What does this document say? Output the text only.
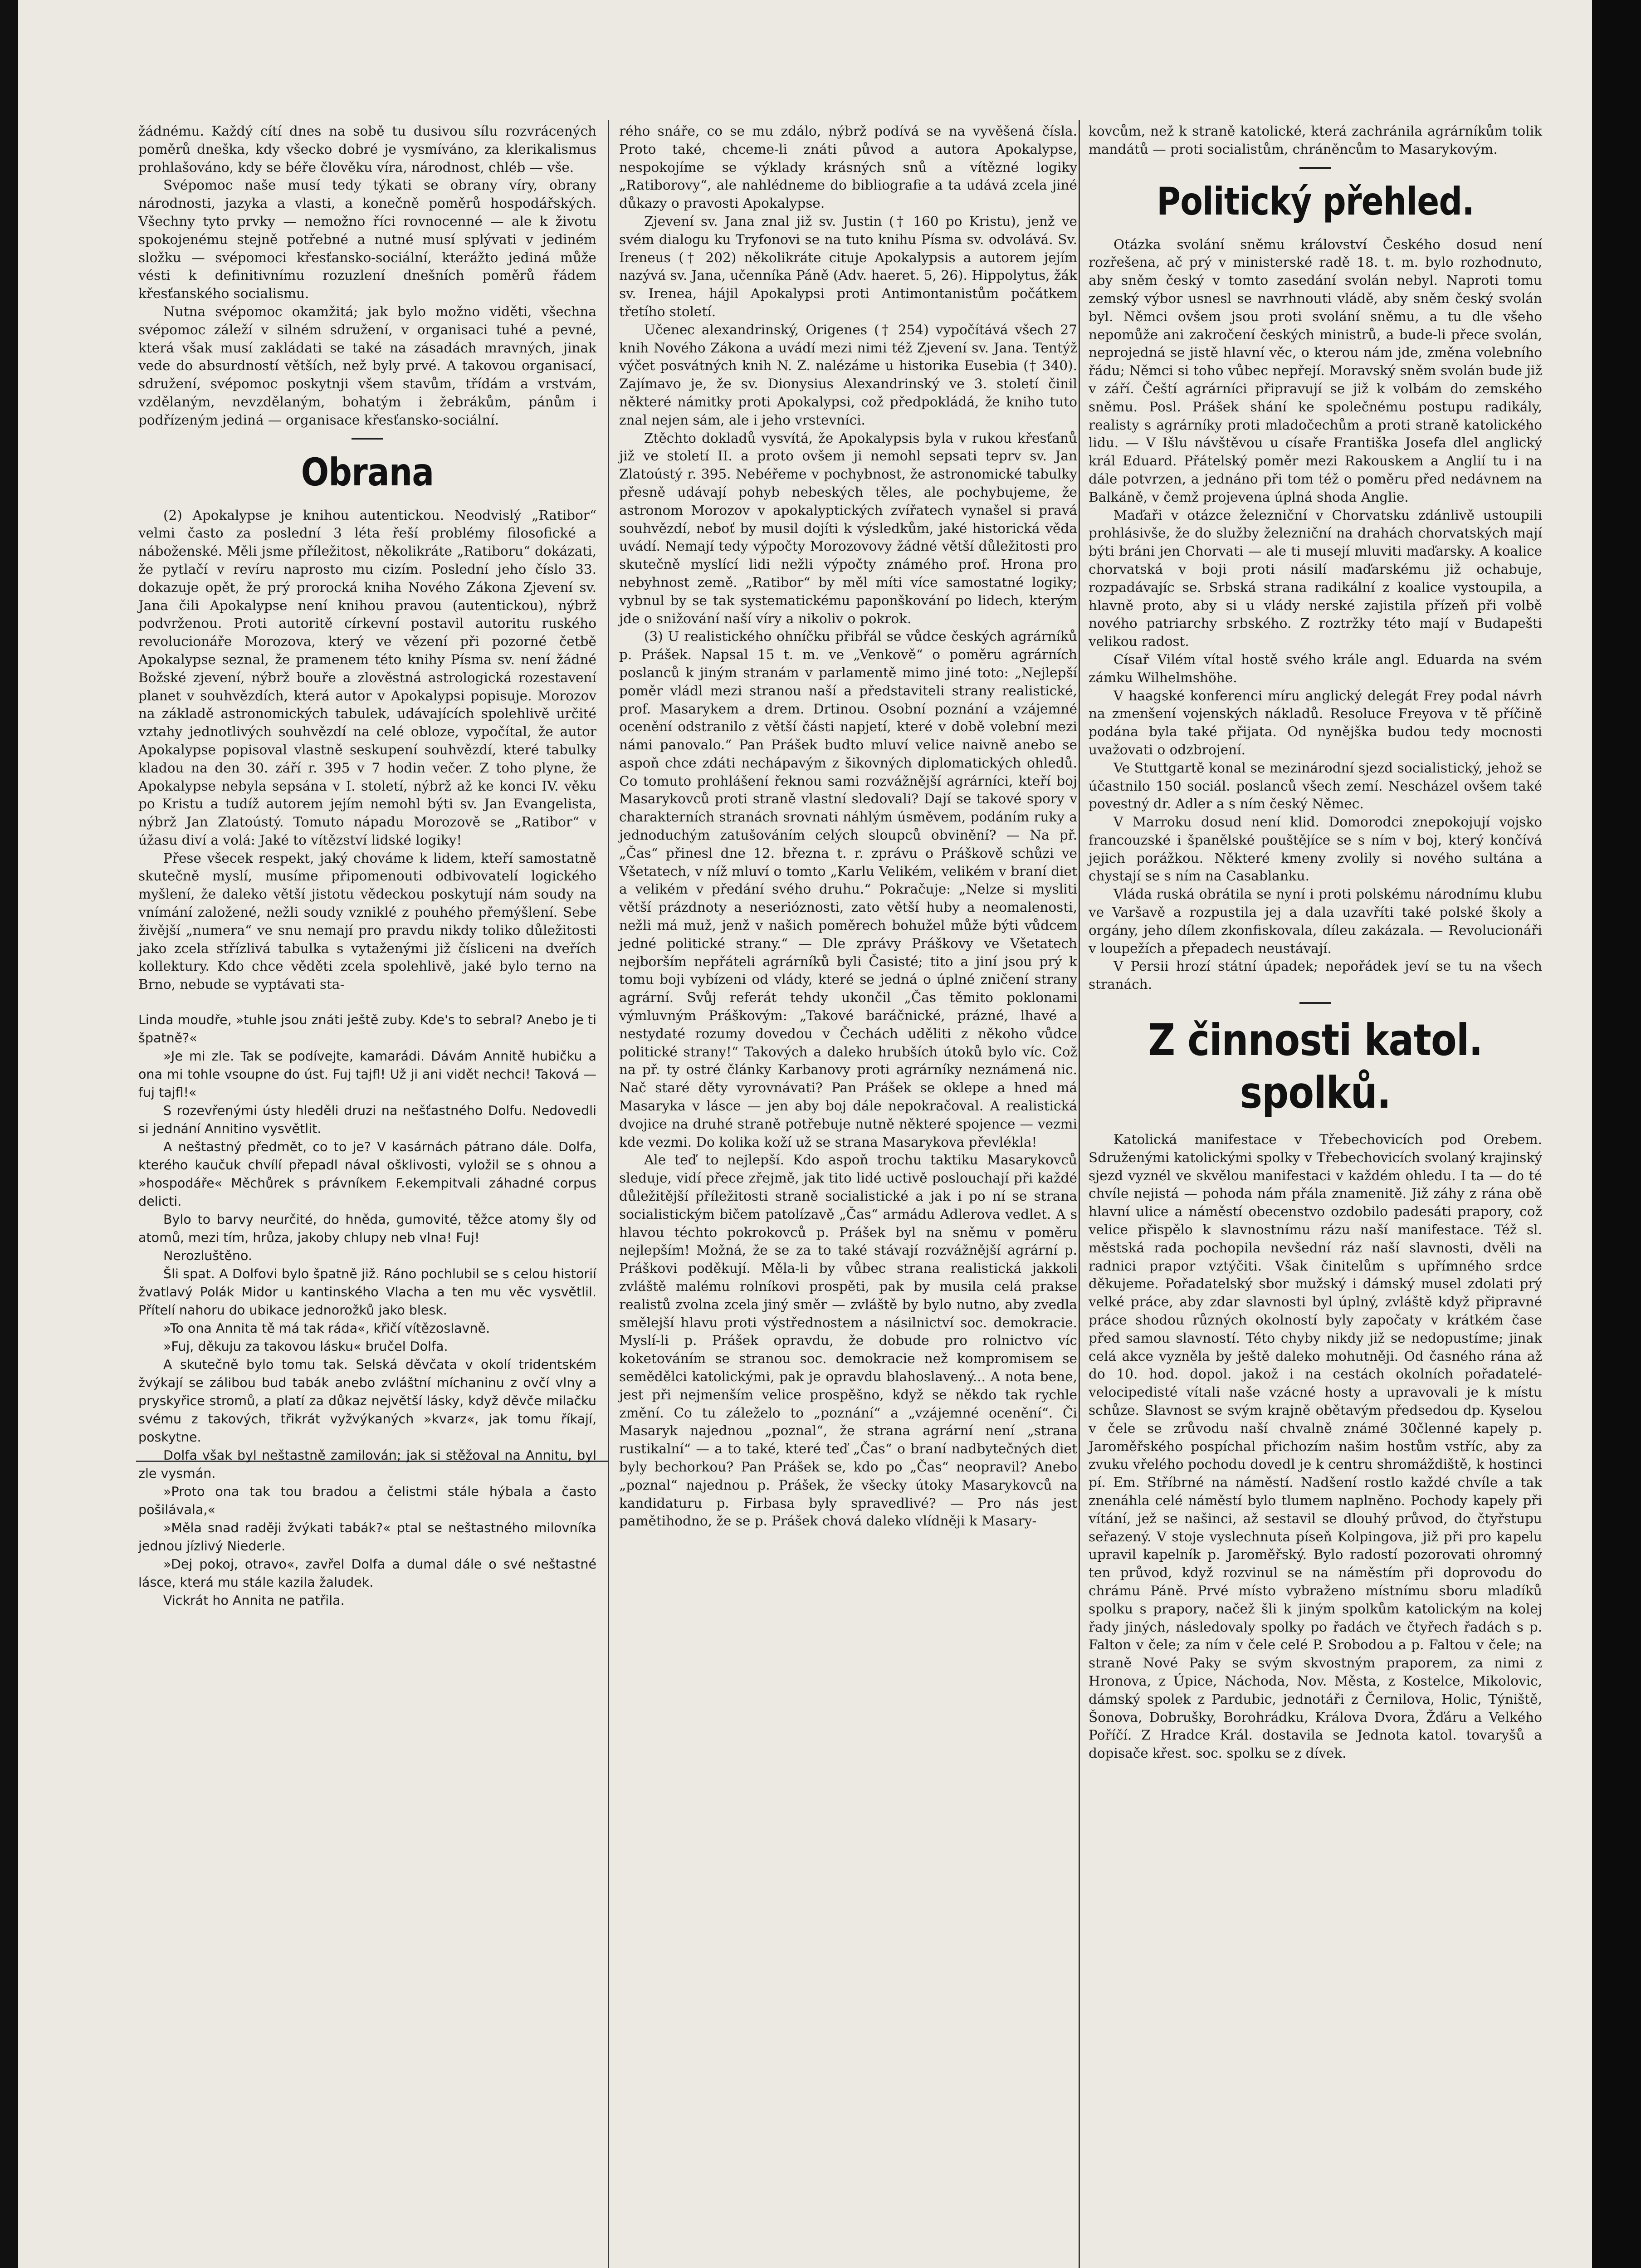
žádnému. Každý cítí dnes na sobě tu dusivou sílu rozvrácených poměrů dneška, kdy všecko dobré je vysmíváno, za klerikalismus prohlašováno, kdy se béře člověku víra, národnost, chléb — vše.

Svépomoc naše musí tedy týkati se obrany víry, obrany národnosti, jazyka a vlasti, a konečně poměrů hospodářských. Všechny tyto prvky — nemožno říci rovnocenné — ale k životu spokojenému stejně potřebné a nutné musí splývati v jediném složku — svépomoci křesťansko-sociální, kterážto jediná může vésti k definitivnímu rozuzlení dnešních poměrů řádem křesťanského socialismu.

Nutna svépomoc okamžitá; jak bylo možno viděti, všechna svépomoc záleží v silném sdružení, v organisaci tuhé a pevné, která však musí zakládati se také na zásadách mravných, jinak vede do absurdností větších, než byly prvé. A takovou organisací, sdružení, svépomoc poskytnji všem stavům, třídám a vrstvám, vzdělaným, nevzdělaným, bohatým i žebrákům, pánům i podřízeným jediná — organisace křesťansko-sociální.

Obrana

(2) Apokalypse je knihou autentickou. Neodvislý „Ratibor“ velmi často za poslední 3 léta řeší problémy filosofické a náboženské. Měli jsme příležitost, několikráte „Ratiboru“ dokázati, že pytlačí v revíru naprosto mu cizím. Poslední jeho číslo 33. dokazuje opět, že prý prorocká kniha Nového Zákona Zjevení sv. Jana čili Apokalypse není knihou pravou (autentickou), nýbrž podvrženou. Proti autoritě církevní postavil autoritu ruského revolucionáře Morozova, který ve vězení při pozorné četbě Apokalypse seznal, že pramenem této knihy Písma sv. není žádné Božské zjevení, nýbrž bouře a zlověstná astrologická rozestavení planet v souhvězdích, která autor v Apokalypsi popisuje. Morozov na základě astronomických tabulek, udávajících spolehlivě určité vztahy jednotlivých souhvězdí na celé obloze, vypočítal, že autor Apokalypse popisoval vlastně seskupení souhvězdí, které tabulky kladou na den 30. září r. 395 v 7 hodin večer. Z toho plyne, že Apokalypse nebyla sepsána v I. století, nýbrž až ke konci IV. věku po Kristu a tudíž autorem jejím nemohl býti sv. Jan Evangelista, nýbrž Jan Zlatoústý. Tomuto nápadu Morozově se „Ratibor“ v úžasu diví a volá: Jaké to vítězství lidské logiky!

Přese všecek respekt, jaký chováme k lidem, kteří samostatně skutečně myslí, musíme připomenouti odbivovatelí logického myšlení, že daleko větší jistotu vědeckou poskytují nám soudy na vnímání založené, nežli soudy vzniklé z pouhého přemýšlení. Sebe živější „numera“ ve snu nemají pro pravdu nikdy toliko důležitosti jako zcela střízlivá tabulka s vytaženými již čísliceni na dveřích kollektury. Kdo chce věděti zcela spolehlivě, jaké bylo terno na Brno, nebude se vyptávati sta-

Linda moudře, »tuhle jsou znáti ještě zuby. Kde's to sebral? Anebo je ti špatně?«

»Je mi zle. Tak se podívejte, kamarádi. Dávám Annitě hubičku a ona mi tohle vsoupne do úst. Fuj tajfl! Už ji ani vidět nechci! Taková — fuj tajfl!«

S rozevřenými ústy hleděli druzi na nešťastného Dolfu. Nedovedli si jednání Annitino vysvětlit.

A neštastný předmět, co to je? V kasárnách pátrano dále. Dolfa, kterého kaučuk chvílí přepadl nával ošklivosti, vyložil se s ohnou a »hospodáře« Měchůrek s právníkem F.ekempitvali záhadné corpus delicti.

Bylo to barvy neurčité, do hněda, gumovité, těžce atomy šly od atomů, mezi tím, hrůza, jakoby chlupy neb vlna! Fuj!

Nerozluštěno.

Šli spat. A Dolfovi bylo špatně již. Ráno pochlubil se s celou historií žvatlavý Polák Midor u kantinského Vlacha a ten mu věc vysvětlil. Přítelí nahoru do ubikace jednorožků jako blesk.

»To ona Annita tě má tak ráda«, křičí vítězoslavně.

»Fuj, děkuju za takovou lásku« bručel Dolfa.

A skutečně bylo tomu tak. Selská děvčata v okolí tridentském žvýkají se zálibou bud tabák anebo zvláštní míchaninu z ovčí vlny a pryskyřice stromů, a platí za důkaz největší lásky, když děvče milačku svému z takových, třikrát vyžvýkaných »kvarz«, jak tomu říkají, poskytne.

Dolfa však byl neštastně zamilován; jak si stěžoval na Annitu, byl zle vysmán.

»Proto ona tak tou bradou a čelistmi stále hýbala a často pošilávala,«

»Měla snad raději žvýkati tabák?« ptal se neštastného milovníka jednou jízlivý Niederle.

»Dej pokoj, otravo«, zavřel Dolfa a dumal dále o své neštastné lásce, která mu stále kazila žaludek.

Vickrát ho Annita ne patřila.

rého snáře, co se mu zdálo, nýbrž podívá se na vyvěšená čísla. Proto také, chceme-li znáti původ a autora Apokalypse, nespokojíme se výklady krásných snů a vítězné logiky „Ratiborovy“, ale nahlédneme do bibliografie a ta udává zcela jiné důkazy o pravosti Apokalypse.

Zjevení sv. Jana znal již sv. Justin († 160 po Kristu), jenž ve svém dialogu ku Tryfonovi se na tuto knihu Písma sv. odvolává. Sv. Ireneus († 202) několikráte cituje Apokalypsis a autorem jejím nazývá sv. Jana, učenníka Páně (Adv. haeret. 5, 26). Hippolytus, žák sv. Irenea, hájil Apokalypsi proti Antimontanistům počátkem třetího století.

Učenec alexandrinský, Origenes († 254) vypočítává všech 27 knih Nového Zákona a uvádí mezi nimi též Zjevení sv. Jana. Tentýž výčet posvátných knih N. Z. nalézáme u historika Eusebia († 340). Zajímavo je, že sv. Dionysius Alexandrinský ve 3. století činil některé námitky proti Apokalypsi, což předpokládá, že kniho tuto znal nejen sám, ale i jeho vrstevníci.

Ztěchto dokladů vysvítá, že Apokalypsis byla v rukou křesťanů již ve století II. a proto ovšem ji nemohl sepsati teprv sv. Jan Zlatoústý r. 395. Nebéřeme v pochybnost, že astronomické tabulky přesně udávají pohyb nebeských těles, ale pochybujeme, že astronom Morozov v apokalyptických zvířatech vynašel si pravá souhvězdí, neboť by musil dojíti k výsledkům, jaké historická věda uvádí. Nemají tedy výpočty Morozovovy žádné větší důležitosti pro skutečně myslící lidi nežli výpočty známého prof. Hrona pro nebyhnost země. „Ratibor“ by měl míti více samostatné logiky; vybnul by se tak systematickému paponškování po lidech, kterým jde o snižování naší víry a nikoliv o pokrok.

(3) U realistického ohníčku přibřál se vůdce českých agrárníků p. Prášek. Napsal 15 t. m. ve „Venkově“ o poměru agrárních poslanců k jiným stranám v parlamentě mimo jiné toto: „Nejlepší poměr vládl mezi stranou naší a představiteli strany realistické, prof. Masarykem a drem. Drtinou. Osobní poznání a vzájemné ocenění odstranilo z větší části napjetí, které v době volební mezi námi panovalo.“ Pan Prášek budto mluví velice naivně anebo se aspoň chce zdáti nechápavým z šikovných diplomatických ohledů. Co tomuto prohlášení řeknou sami rozvážnější agrárníci, kteří boj Masarykovců proti straně vlastní sledovali? Dají se takové spory v charakterních stranách srovnati náhlým úsměvem, podáním ruky a jednoduchým zatušováním celých sloupců obvinění? — Na př. „Čas“ přinesl dne 12. března t. r. zprávu o Práškově schůzi ve Všetatech, v níž mluví o tomto „Karlu Velikém, velikém v braní diet a velikém v předání svého druhu.“ Pokračuje: „Nelze si mysliti větší prázdnoty a neserióznosti, zato větší huby a neomalenosti, nežli má muž, jenž v našich poměrech bohužel může býti vůdcem jedné politické strany.“ — Dle zprávy Práškovy ve Všetatech nejborším nepřáteli agrárníků byli Časisté; tito a jiní jsou prý k tomu boji vybízeni od vlády, které se jedná o úplné zničení strany agrární. Svůj referát tehdy ukončil „Čas těmito poklonami výmluvným Práškovým: „Takové baráčnické, prázné, lhavé a nestydaté rozumy dovedou v Čechách uděliti z někoho vůdce politické strany!“ Takových a daleko hrubších útoků bylo víc. Což na př. ty ostré články Karbanovy proti agrárníky neznámená nic. Nač staré děty vyrovnávati? Pan Prášek se oklepe a hned má Masaryka v lásce — jen aby boj dále nepokračoval. A realistická dvojice na druhé straně potřebuje nutně některé spojence — vezmi kde vezmi. Do kolika koží už se strana Masarykova převlékla!

Ale teď to nejlepší. Kdo aspoň trochu taktiku Masarykovců sleduje, vidí přece zřejmě, jak tito lidé uctivě poslouchají při každé důležitější příležitosti straně socialistické a jak i po ní se strana socialistickým bičem patolízavě „Čas“ armádu Adlerova vedlet. A s hlavou téchto pokrokovců p. Prášek byl na sněmu v poměru nejlepším! Možná, že se za to také stávají rozvážnější agrární p. Práškovi poděkují. Měla-li by vůbec strana realistická jakkoli zvláště malému rolníkovi prospěti, pak by musila celá prakse realistů zvolna zcela jiný směr — zvláště by bylo nutno, aby zvedla smělejší hlavu proti výstřednostem a násilnictví soc. demokracie. Myslí-li p. Prášek opravdu, že dobude pro rolnictvo víc koketováním se stranou soc. demokracie než kompromisem se semědělci katolickými, pak je opravdu blahoslavený... A nota bene, jest při nejmenším velice prospěšno, když se někdo tak rychle změní. Co tu záleželo to „poznání“ a „vzájemné ocenění“. Či Masaryk najednou „poznal“, že strana agrární není „strana rustikalní“ — a to také, které teď „Čas“ o braní nadbytečných diet byly bechorkou? Pan Prášek se, kdo po „Čas“ neopravil? Anebo „poznal“ najednou p. Prášek, že všecky útoky Masarykovců na kandidaturu p. Firbasa byly spravedlivé? — Pro nás jest pamětihodno, že se p. Prášek chová daleko vlídněji k Masary-

kovcům, než k straně katolické, která zachránila agrárníkům tolik mandátů — proti socialistům, chráněncům to Masarykovým.

Politický přehled.

Otázka svolání sněmu království Českého dosud není rozřešena, ač prý v ministerské radě 18. t. m. bylo rozhodnuto, aby sněm český v tomto zasedání svolán nebyl. Naproti tomu zemský výbor usnesl se navrhnouti vládě, aby sněm český svolán byl. Němci ovšem jsou proti svolání sněmu, a tu dle všeho nepomůže ani zakročení českých ministrů, a bude-li přece svolán, neprojedná se jistě hlavní věc, o kterou nám jde, změna volebního řádu; Němci si toho vůbec nepřejí. Moravský sněm svolán bude již v září. Čeští agrárníci připravují se již k volbám do zemského sněmu. Posl. Prášek shání ke společnému postupu radikály, realisty s agrárníky proti mladočechům a proti straně katolického lidu. — V Išlu návštěvou u císaře Františka Josefa dlel anglický král Eduard. Přátelský poměr mezi Rakouskem a Anglií tu i na dále potvrzen, a jednáno při tom též o poměru před nedávnem na Balkáně, v čemž projevena úplná shoda Anglie.

Maďaři v otázce železniční v Chorvatsku zdánlivě ustoupili prohlásivše, že do služby železniční na drahách chorvatských mají býti bráni jen Chorvati — ale ti musejí mluviti maďarsky. A koalice chorvatská v boji proti násilí maďarskému již ochabuje, rozpadávajíc se. Srbská strana radikální z koalice vystoupila, a hlavně proto, aby si u vlády nerské zajistila přízeň při volbě nového patriarchy srbského. Z roztržky této mají v Budapešti velikou radost.

Císař Vilém vítal hostě svého krále angl. Eduarda na svém zámku Wilhelmshöhe.

V haagské konferenci míru anglický delegát Frey podal návrh na zmenšení vojenských nákladů. Resoluce Freyova v tě příčině podána byla také přijata. Od nynějška budou tedy mocnosti uvažovati o odzbrojení.

Ve Stuttgartě konal se mezinárodní sjezd socialistický, jehož se účastnilo 150 sociál. poslanců všech zemí. Nescházel ovšem také povestný dr. Adler a s ním český Němec.

V Marroku dosud není klid. Domorodci znepokojují vojsko francouzské i španělské pouštějíce se s ním v boj, který končívá jejich porážkou. Některé kmeny zvolily si nového sultána a chystají se s ním na Casablanku.

Vláda ruská obrátila se nyní i proti polskému národnímu klubu ve Varšavě a rozpustila jej a dala uzavříti také polské školy a orgány, jeho dílem zkonfiskovala, díleu zakázala. — Revolucionáři v loupežích a přepadech neustávají.

V Persii hrozí státní úpadek; nepořádek jeví se tu na všech stranách.

Z činnosti katol. spolků.

Katolická manifestace v Třebechovicích pod Orebem. Sdruženými katolickými spolky v Třebechovicích svolaný krajinský sjezd vyznél ve skvělou manifestaci v každém ohledu. I ta — do té chvíle nejistá — pohoda nám přála znamenitě. Již záhy z rána obě hlavní ulice a náměstí obecenstvo ozdobilo padesáti prapory, což velice přispělo k slavnostnímu rázu naší manifestace. Též sl. městská rada pochopila nevšední ráz naší slavnosti, dvěli na radnici prapor vztýčiti. Však činitelům s upřímného srdce děkujeme. Pořadatelský sbor mužský i dámský musel zdolati prý velké práce, aby zdar slavnosti byl úplný, zvláště když připravné práce shodou různých okolností byly započaty v krátkém čase před samou slavností. Této chyby nikdy již se nedopustíme; jinak celá akce vyzněla by ještě daleko mohutněji. Od časného rána až do 10. hod. dopol. jakož i na cestách okolních pořadatelé-velocipedisté vítali naše vzácné hosty a upravovali je k místu schůze. Slavnost se svým krajně obětavým předsedou dp. Kyselou v čele se zrůvodu naší chvalně známé 30členné kapely p. Jaroměřského pospíchal přichozím našim hostům vstříc, aby za zvuku vřelého pochodu dovedl je k centru shromáždiště, k hostinci pí. Em. Stříbrné na náměstí. Nadšení rostlo každé chvíle a tak znenáhla celé náměstí bylo tlumem naplněno. Pochody kapely při vítání, jež se našinci, až sestavil se dlouhý průvod, do čtyřstupu seřazený. V stoje vyslechnuta píseň Kolpingova, již při pro kapelu upravil kapelník p. Jaroměřský. Bylo radostí pozorovati ohromný ten průvod, když rozvinul se na náměstím při doprovodu do chrámu Páně. Prvé místo vybraženo místnímu sboru mladíků spolku s prapory, načež šli k jiným spolkům katolickým na kolej řady jiných, následovaly spolky po řadách ve čtyřech řadách s p. Falton v čele; za ním v čele celé P. Srobodou a p. Faltou v čele; na straně Nové Paky se svým skvostným praporem, za nimi z Hronova, z Úpice, Náchoda, Nov. Města, z Kostelce, Mikolovic, dámský spolek z Pardubic, jednotáři z Černilova, Holic, Týniště, Šonova, Dobrušky, Borohrádku, Králova Dvora, Žďáru a Velkého Poříčí. Z Hradce Král. dostavila se Jednota katol. tovaryšů a dopisače křest. soc. spolku se z dívek.
